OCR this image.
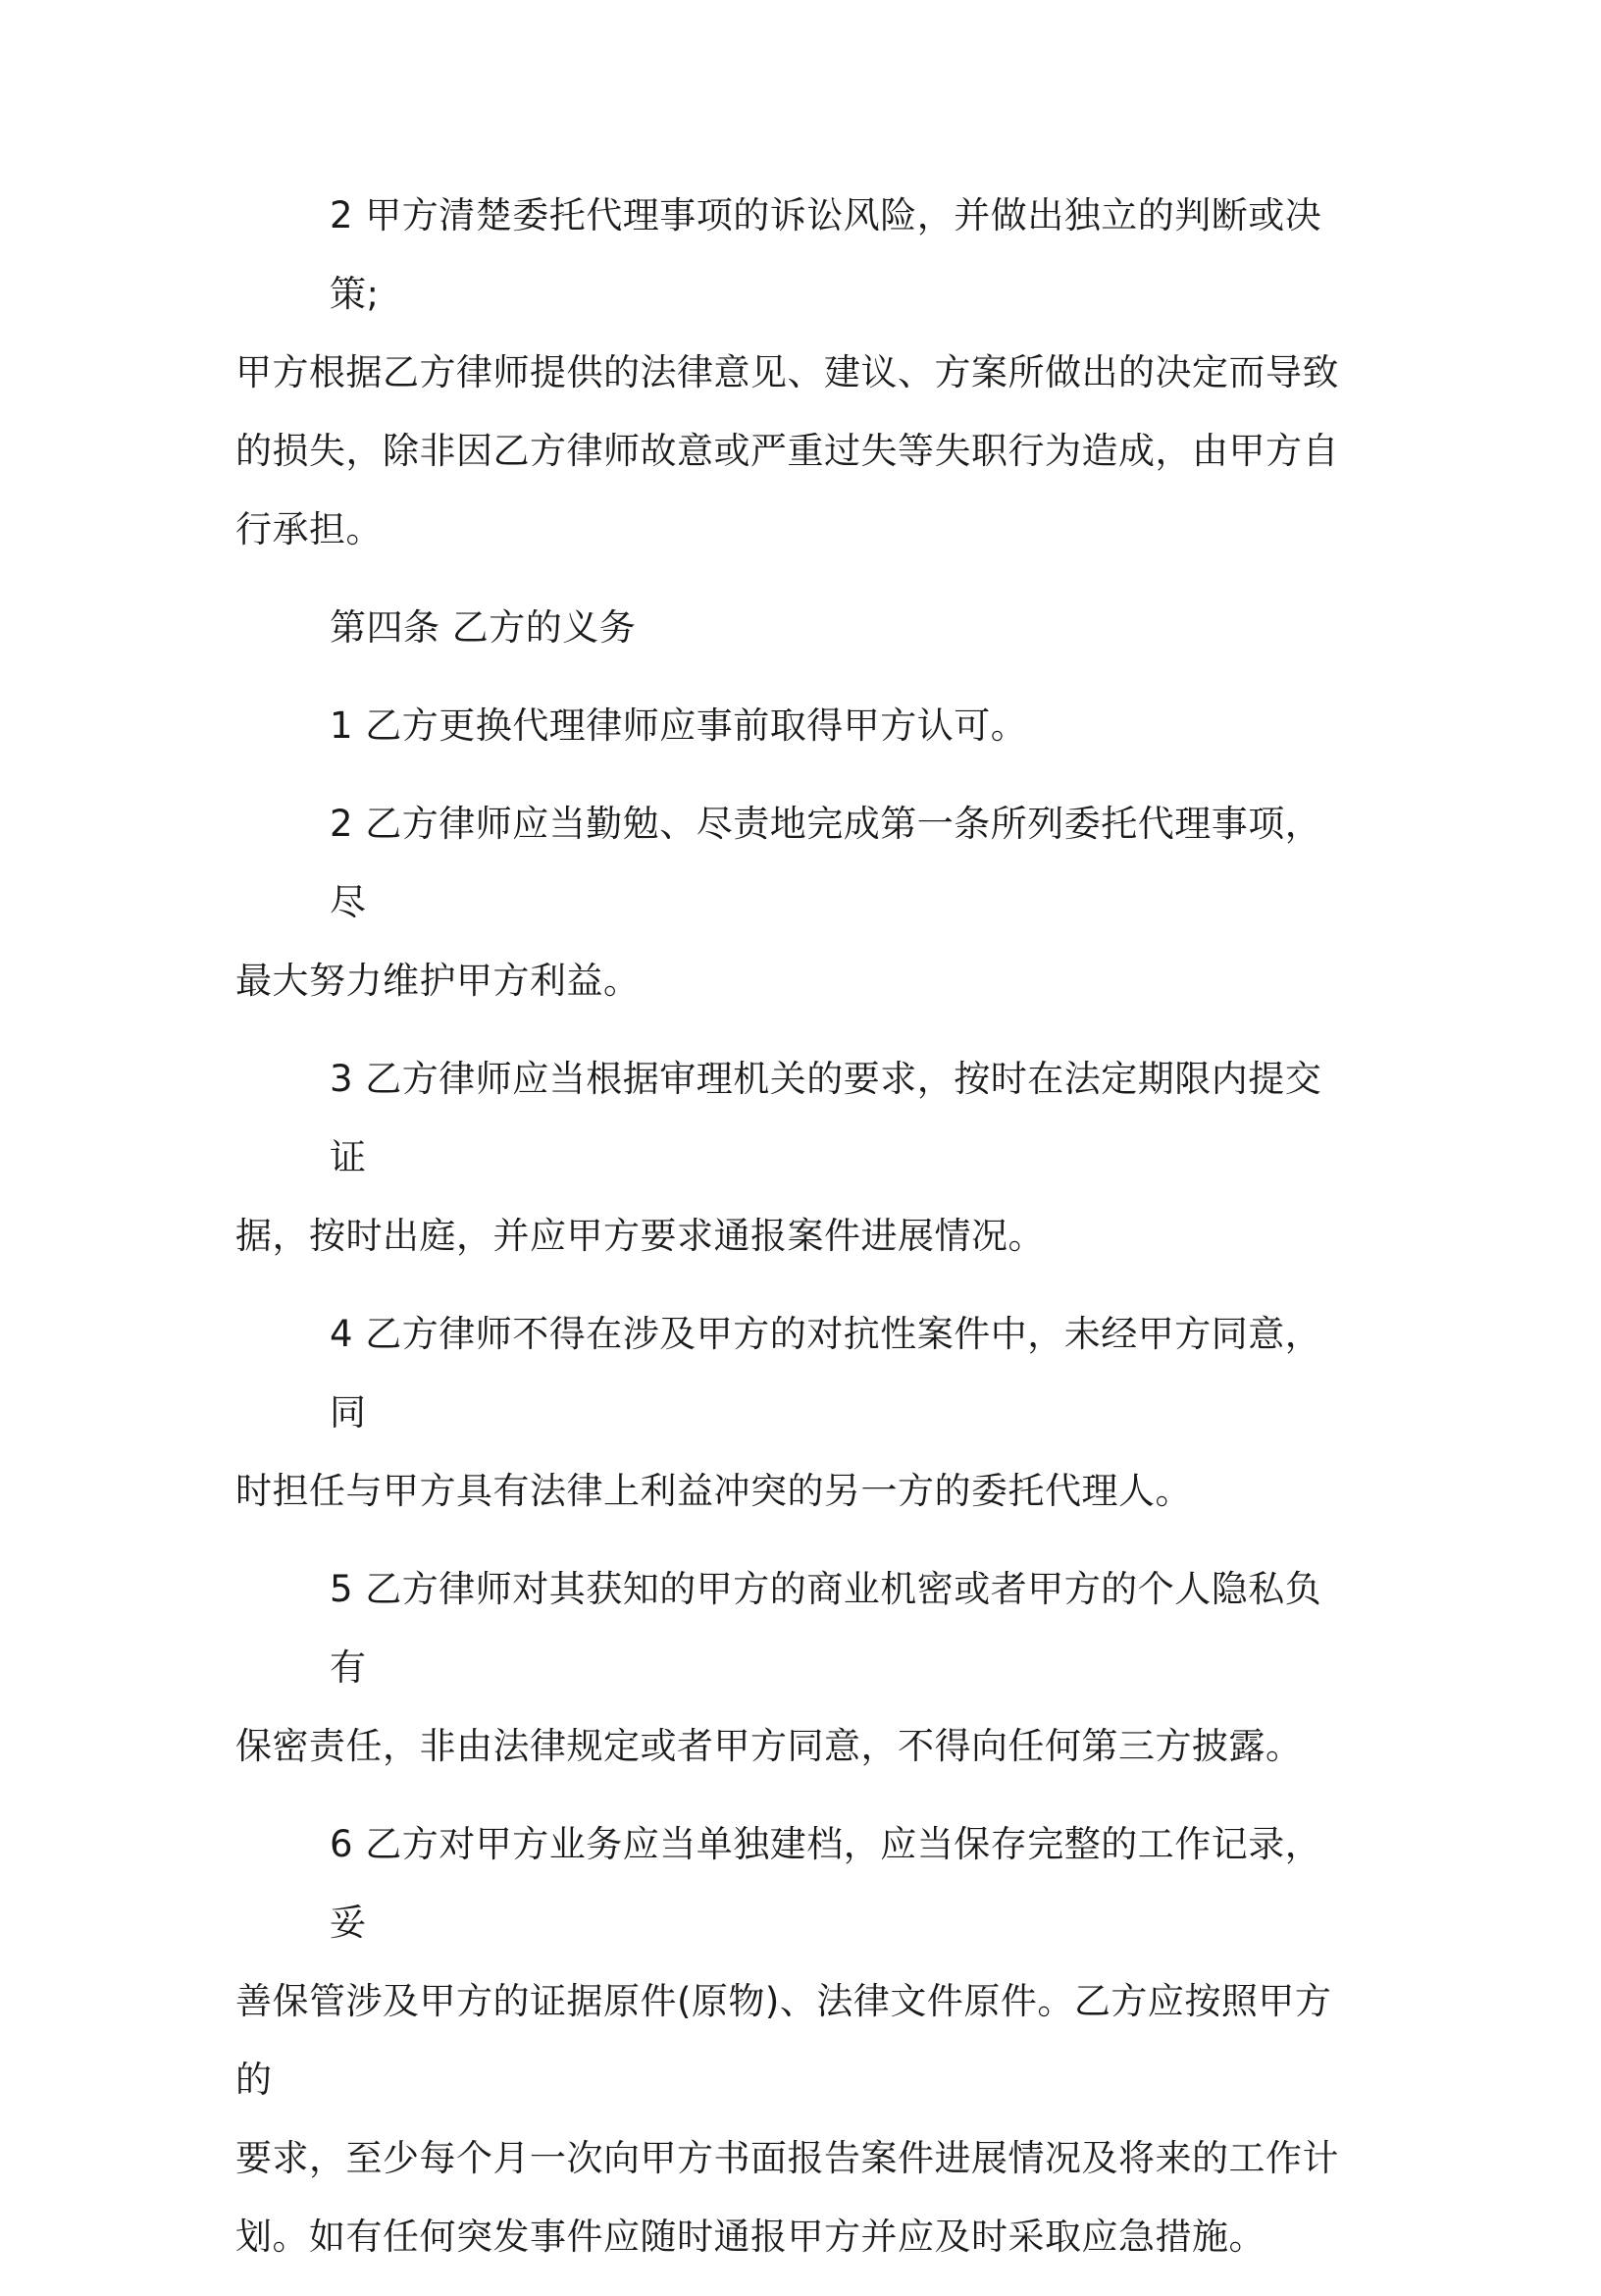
2 甲方清楚委托代理事项的诉讼风险，并做出独立的判断或决策;
甲方根据乙方律师提供的法律意见、建议、方案所做出的决定而导致
的损失，除非因乙方律师故意或严重过失等失职行为造成，由甲方自
行承担。
第四条 乙方的义务
1 乙方更换代理律师应事前取得甲方认可。
2 乙方律师应当勤勉、尽责地完成第一条所列委托代理事项，尽
最大努力维护甲方利益。
3 乙方律师应当根据审理机关的要求，按时在法定期限内提交证
据，按时出庭，并应甲方要求通报案件进展情况。
4 乙方律师不得在涉及甲方的对抗性案件中，未经甲方同意，同
时担任与甲方具有法律上利益冲突的另一方的委托代理人。
5 乙方律师对其获知的甲方的商业机密或者甲方的个人隐私负有
保密责任，非由法律规定或者甲方同意，不得向任何第三方披露。
6 乙方对甲方业务应当单独建档，应当保存完整的工作记录，妥
善保管涉及甲方的证据原件(原物)、法律文件原件。乙方应按照甲方的
要求，至少每个月一次向甲方书面报告案件进展情况及将来的工作计
划。如有任何突发事件应随时通报甲方并应及时采取应急措施。
